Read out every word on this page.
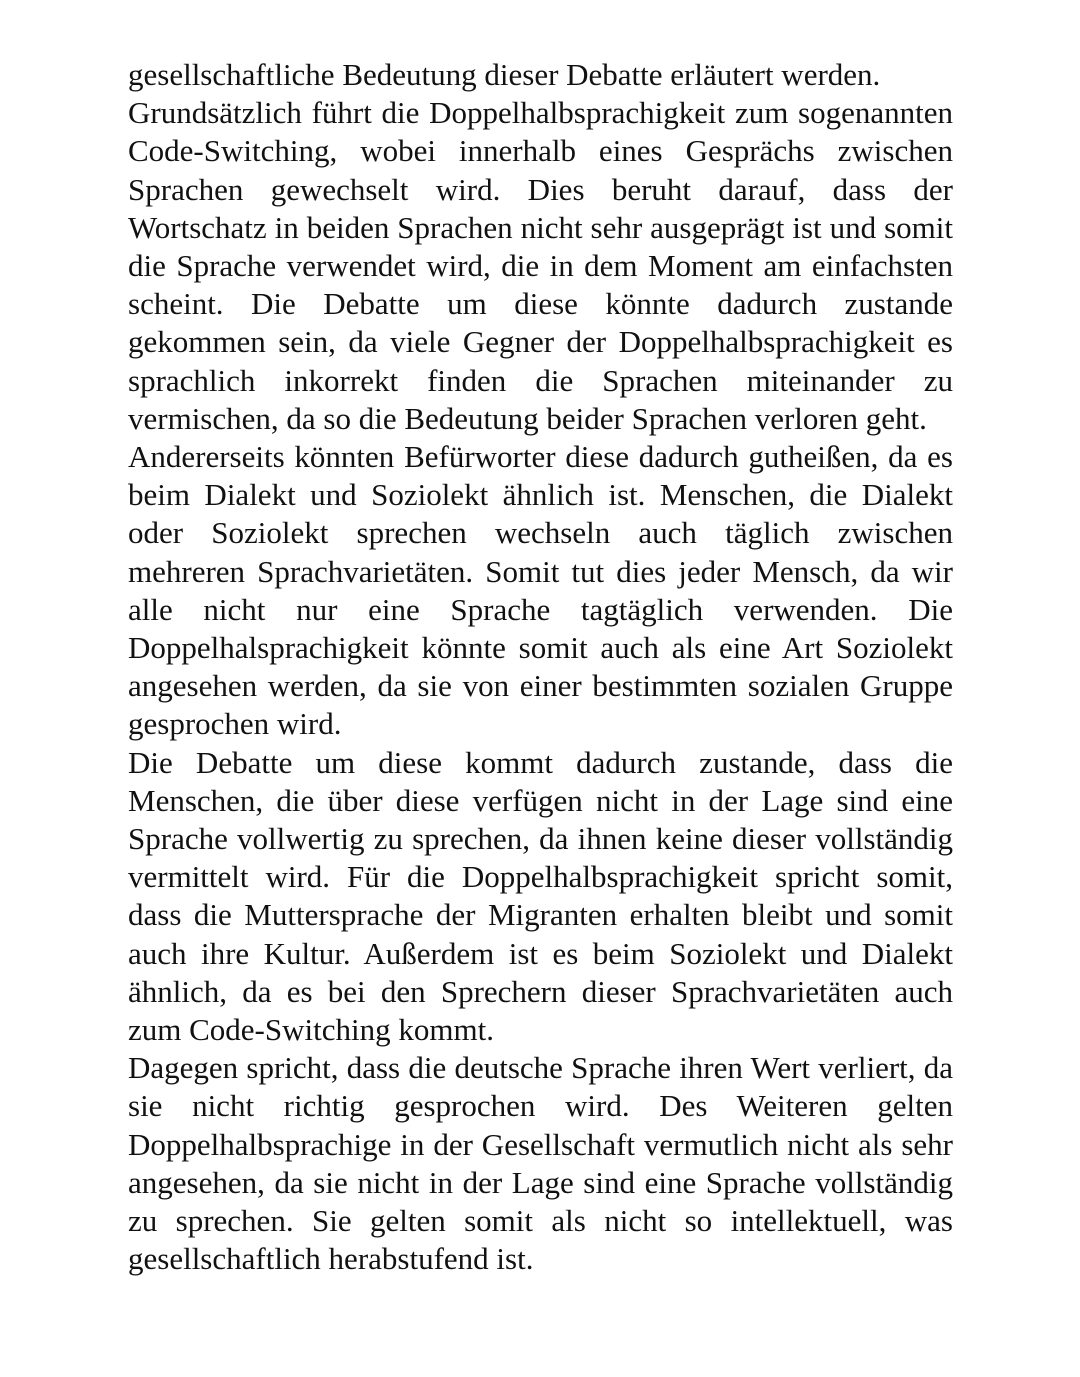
gesellschaftliche Bedeutung dieser Debatte erläutert werden.

Grundsätzlich führt die Doppelhalbsprachigkeit zum sogenannten Code-Switching, wobei innerhalb eines Gesprächs zwischen Sprachen gewechselt wird. Dies beruht darauf, dass der Wortschatz in beiden Sprachen nicht sehr ausgeprägt ist und somit die Sprache verwendet wird, die in dem Moment am einfachsten scheint. Die Debatte um diese könnte dadurch zustande gekommen sein, da viele Gegner der Doppelhalbsprachigkeit es sprachlich inkorrekt finden die Sprachen miteinander zu vermischen, da so die Bedeutung beider Sprachen verloren geht.

Andererseits könnten Befürworter diese dadurch gutheißen, da es beim Dialekt und Soziolekt ähnlich ist. Menschen, die Dialekt oder Soziolekt sprechen wechseln auch täglich zwischen mehreren Sprachvarietäten. Somit tut dies jeder Mensch, da wir alle nicht nur eine Sprache tagtäglich verwenden. Die Doppelhalsprachigkeit könnte somit auch als eine Art Soziolekt angesehen werden, da sie von einer bestimmten sozialen Gruppe gesprochen wird.

Die Debatte um diese kommt dadurch zustande, dass die Menschen, die über diese verfügen nicht in der Lage sind eine Sprache vollwertig zu sprechen, da ihnen keine dieser vollständig vermittelt wird. Für die Doppelhalbsprachigkeit spricht somit, dass die Muttersprache der Migranten erhalten bleibt und somit auch ihre Kultur. Außerdem ist es beim Soziolekt und Dialekt ähnlich, da es bei den Sprechern dieser Sprachvarietäten auch zum Code-Switching kommt.

Dagegen spricht, dass die deutsche Sprache ihren Wert verliert, da sie nicht richtig gesprochen wird. Des Weiteren gelten Doppelhalbsprachige in der Gesellschaft vermutlich nicht als sehr angesehen, da sie nicht in der Lage sind eine Sprache vollständig zu sprechen. Sie gelten somit als nicht so intellektuell, was gesellschaftlich herabstufend ist.
